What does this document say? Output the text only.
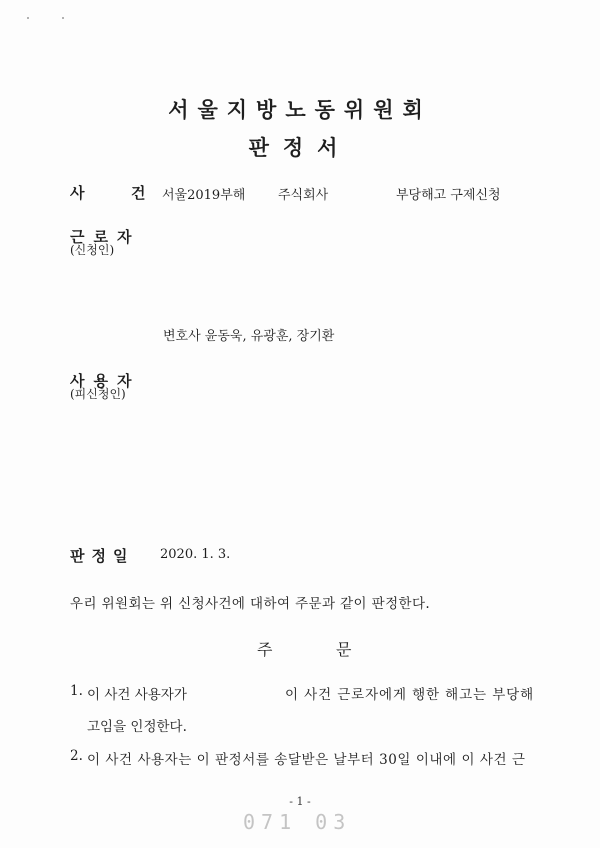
서울지방노동위원회
판정서
사	건 서울2019부해	주식회사	부당해고 구제신청
근로자
(신청인)
변호사 윤동욱, 유광훈, 장기환
사용자
(피신청인)
판정일 2020. 1. 3.
우리 위원회는 위 신청사건에 대하여 주문과 같이 판정한다.
주	문
1. 이 사건 사용자가	이 사건 근로자에게 행한 해고는 부당해
고임을 인정한다.
2. 이 사건 사용자는 이 판정서를 송달받은 날부터 30일 이내에 이 사건 근
- 1 -
071 03
